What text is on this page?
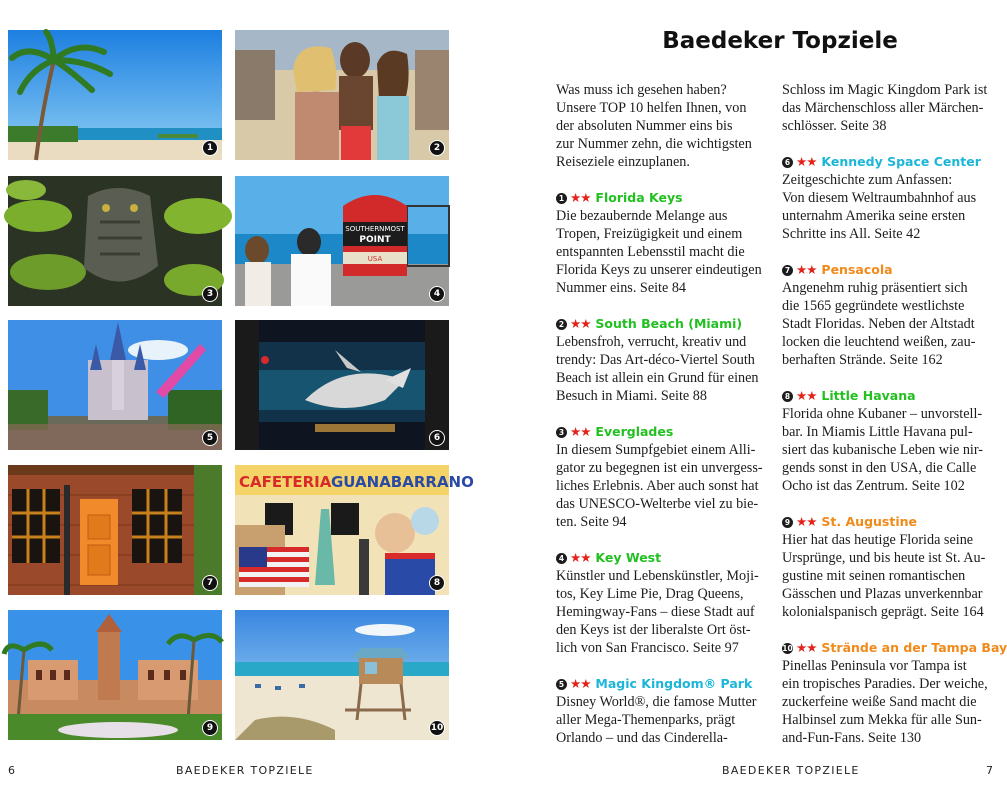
1	2
3
SOUTHERNMOST
POINT
USA
4
5	6
7
CAFETERIA GUANABARRANO
8
9	10
6	BAEDEKER TOPZIELE
Baedeker Topziele
Was muss ich gesehen haben?
Unsere TOP 10 helfen Ihnen, von
der absoluten Nummer eins bis
zur Nummer zehn, die wichtigsten
Reiseziele einzuplanen.
1 ★★ Florida Keys
Die bezaubernde Melange aus
Tropen, Freizügigkeit und einem
entspannten Lebensstil macht die
Florida Keys zu unserer eindeutigen
Nummer eins. Seite 84
2 ★★ South Beach (Miami)
Lebensfroh, verrucht, kreativ und
trendy: Das Art-déco-Viertel South
Beach ist allein ein Grund für einen
Besuch in Miami. Seite 88
3 ★★ Everglades
In diesem Sumpfgebiet einem Alli-
gator zu begegnen ist ein unvergess-
liches Erlebnis. Aber auch sonst hat
das UNESCO-Welterbe viel zu bie-
ten. Seite 94
4 ★★ Key West
Künstler und Lebenskünstler, Moji-
tos, Key Lime Pie, Drag Queens,
Hemingway-Fans – diese Stadt auf
den Keys ist der liberalste Ort öst-
lich von San Francisco. Seite 97
5 ★★ Magic Kingdom® Park
Disney World®, die famose Mutter
aller Mega-Themenparks, prägt
Orlando – und das Cinderella-
Schloss im Magic Kingdom Park ist
das Märchenschloss aller Märchen-
schlösser. Seite 38
6 ★★ Kennedy Space Center
Zeitgeschichte zum Anfassen:
Von diesem Weltraumbahnhof aus
unternahm Amerika seine ersten
Schritte ins All. Seite 42
7 ★★ Pensacola
Angenehm ruhig präsentiert sich
die 1565 gegründete westlichste
Stadt Floridas. Neben der Altstadt
locken die leuchtend weißen, zau-
berhaften Strände. Seite 162
8 ★★ Little Havana
Florida ohne Kubaner – unvorstell-
bar. In Miamis Little Havana pul-
siert das kubanische Leben wie nir-
gends sonst in den USA, die Calle
Ocho ist das Zentrum. Seite 102
9 ★★ St. Augustine
Hier hat das heutige Florida seine
Ursprünge, und bis heute ist St. Au-
gustine mit seinen romantischen
Gässchen und Plazas unverkennbar
kolonialspanisch geprägt. Seite 164
10 ★★ Strände an der Tampa Bay
Pinellas Peninsula vor Tampa ist
ein tropisches Paradies. Der weiche,
zuckerfeine weiße Sand macht die
Halbinsel zum Mekka für alle Sun-
and-Fun-Fans. Seite 130
BAEDEKER TOPZIELE	7
